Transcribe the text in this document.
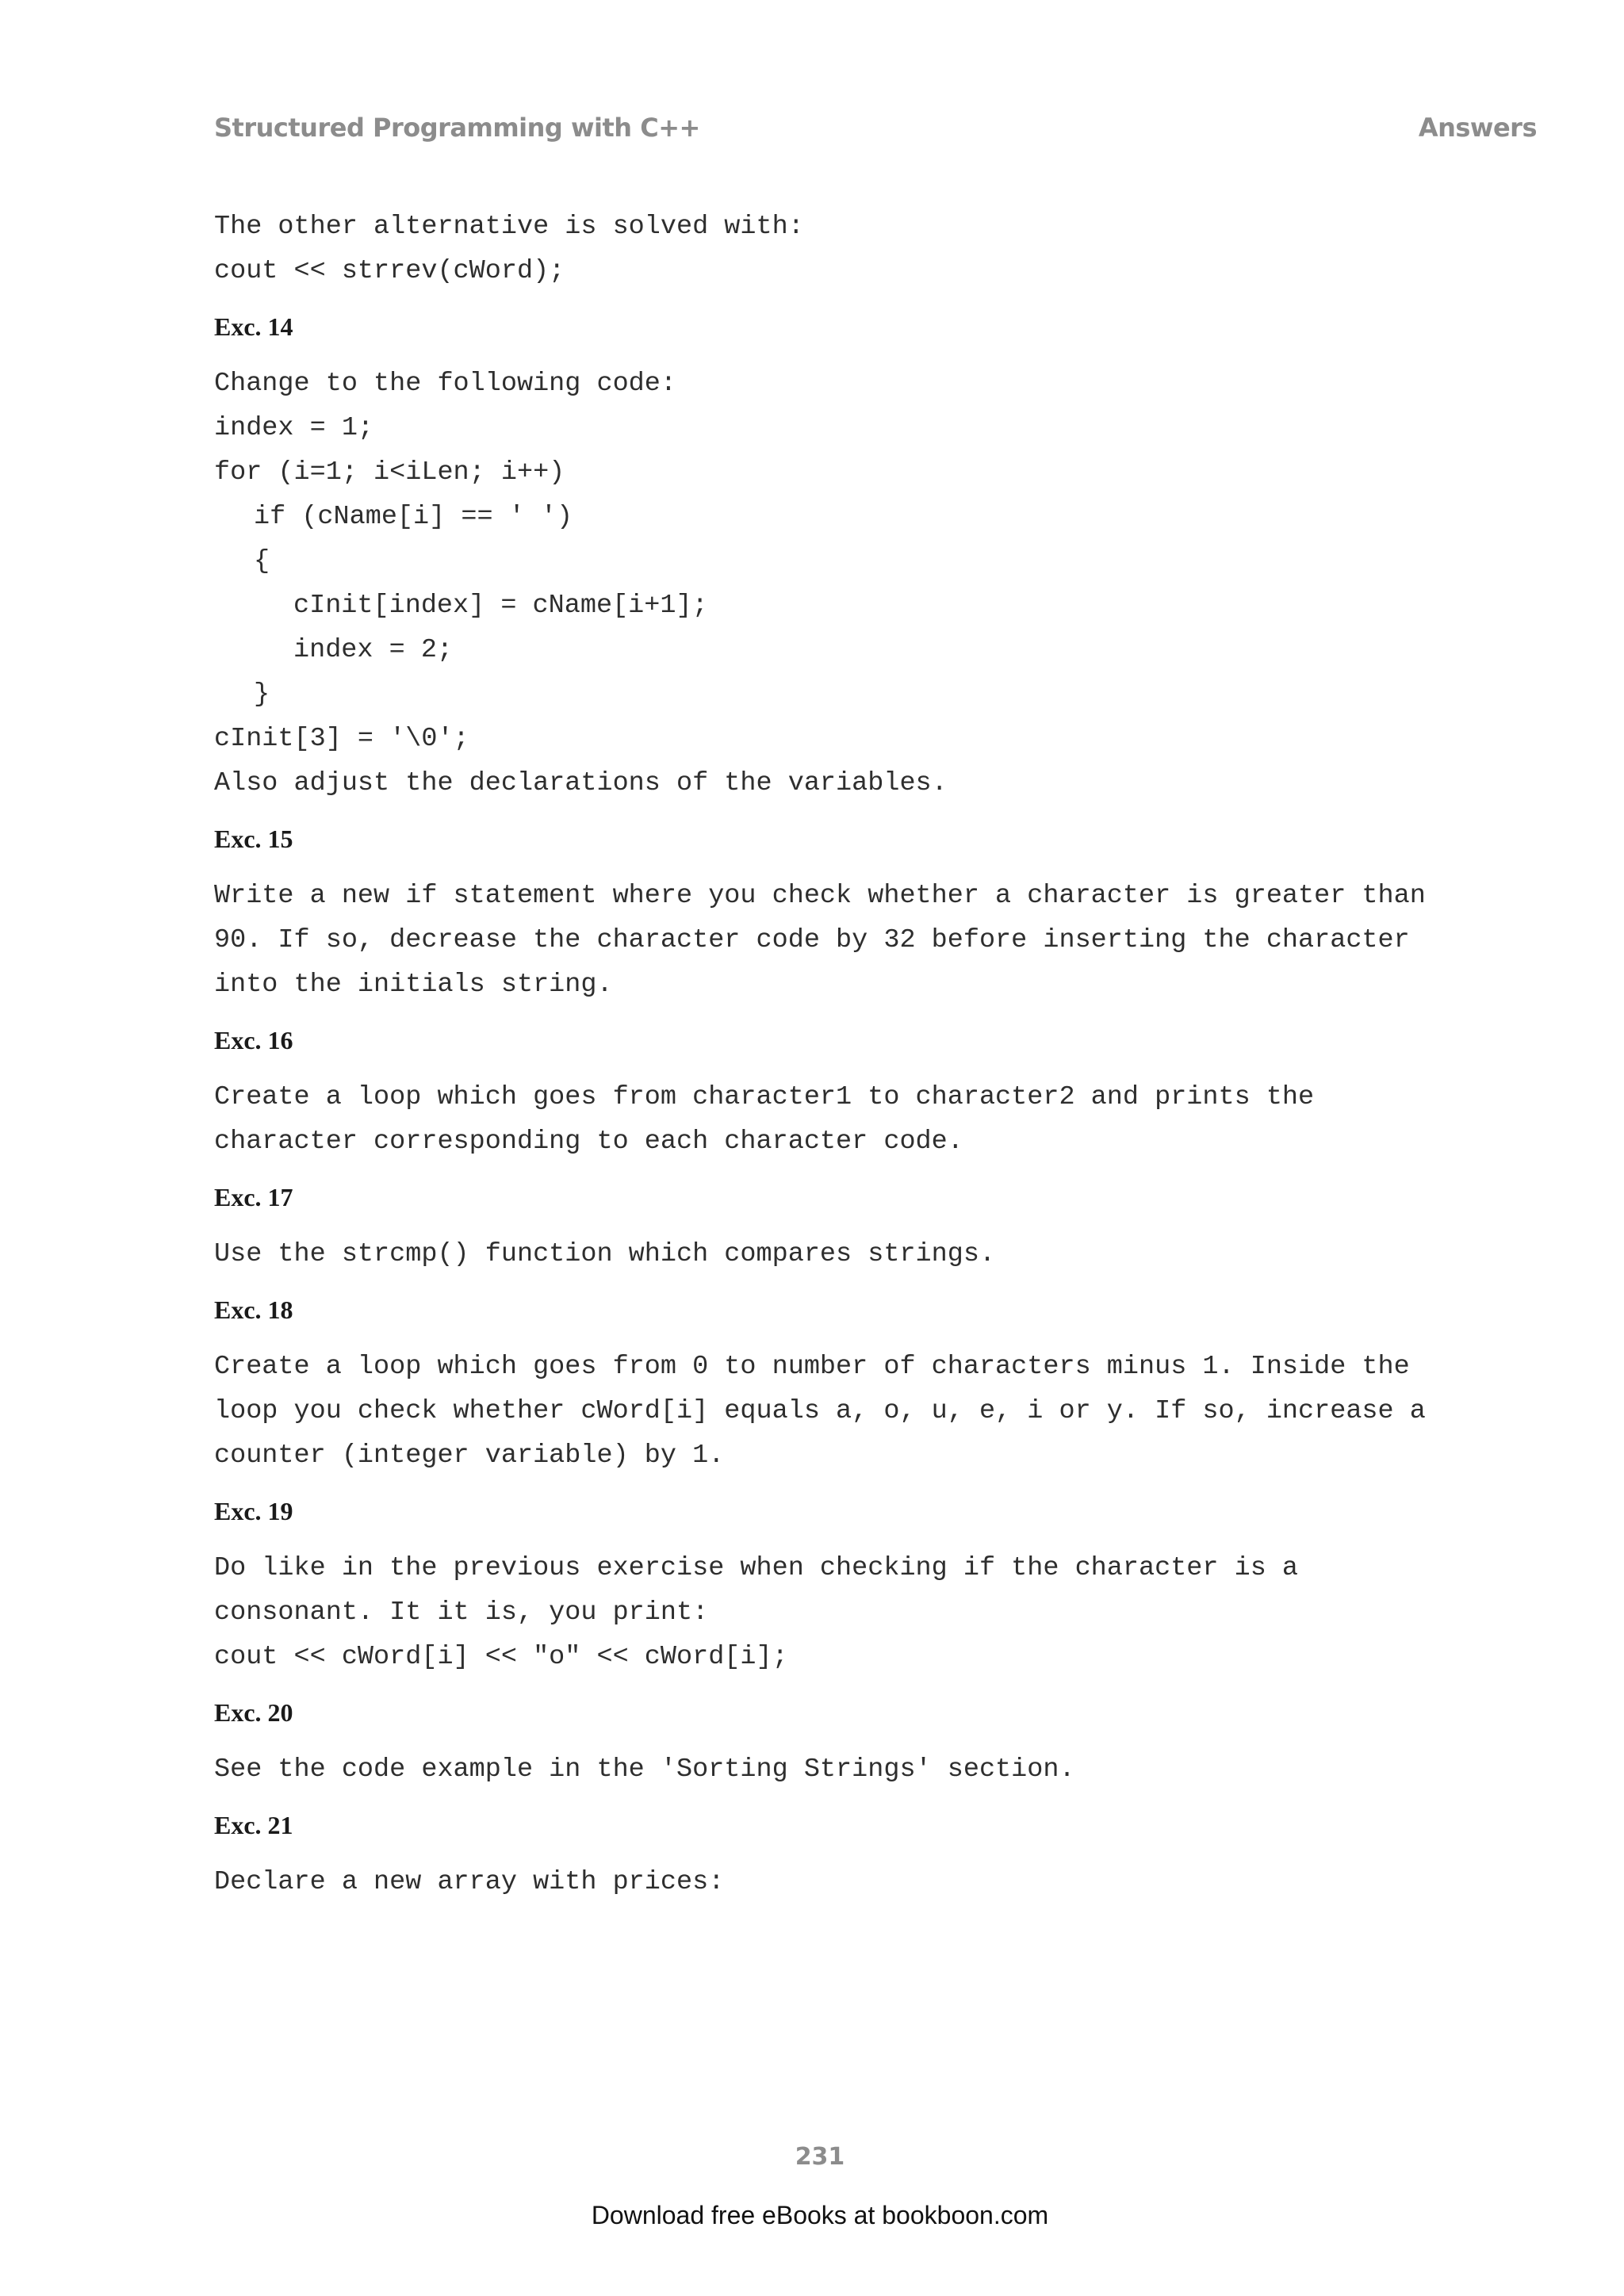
Structured Programming with C++	Answers

The other alternative is solved with:

cout << strrev(cWord);

Exc. 14

Change to the following code:

index = 1;

for (i=1; i<iLen; i++)

if (cName[i] == ' ')

{

cInit[index] = cName[i+1];

index = 2;

}

cInit[3] = '\0';

Also adjust the declarations of the variables.

Exc. 15

Write a new if statement where you check whether a character is greater than

90. If so, decrease the character code by 32 before inserting the character

into the initials string.

Exc. 16

Create a loop which goes from character1 to character2 and prints the

character corresponding to each character code.

Exc. 17

Use the strcmp() function which compares strings.

Exc. 18

Create a loop which goes from 0 to number of characters minus 1. Inside the

loop you check whether cWord[i] equals a, o, u, e, i or y. If so, increase a

counter (integer variable) by 1.

Exc. 19

Do like in the previous exercise when checking if the character is a

consonant. It it is, you print:

cout << cWord[i] << "o" << cWord[i];

Exc. 20

See the code example in the 'Sorting Strings' section.

Exc. 21

Declare a new array with prices:

231
Download free eBooks at bookboon.com
